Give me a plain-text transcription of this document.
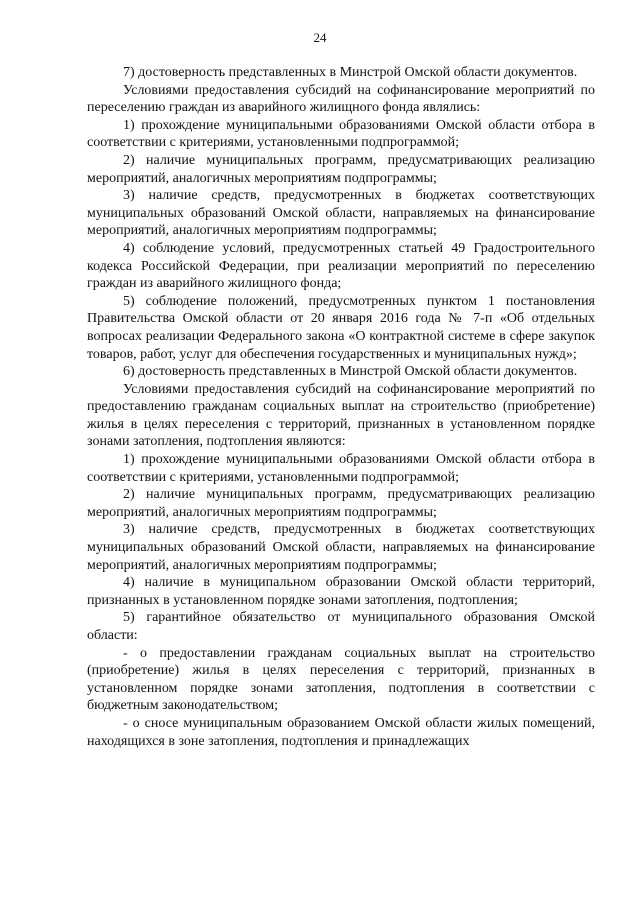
24

7) достоверность представленных в Минстрой Омской области документов.

Условиями предоставления субсидий на софинансирование мероприятий по переселению граждан из аварийного жилищного фонда являлись:

1) прохождение муниципальными образованиями Омской области отбора в соответствии с критериями, установленными подпрограммой;

2) наличие муниципальных программ, предусматривающих реализацию мероприятий, аналогичных мероприятиям подпрограммы;

3) наличие средств, предусмотренных в бюджетах соответствующих муниципальных образований Омской области, направляемых на финансирование мероприятий, аналогичных мероприятиям подпрограммы;

4) соблюдение условий, предусмотренных статьей 49 Градостроительного кодекса Российской Федерации, при реализации мероприятий по переселению граждан из аварийного жилищного фонда;

5) соблюдение положений, предусмотренных пунктом 1 постановления Правительства Омской области от 20 января 2016 года № 7-п «Об отдельных вопросах реализации Федерального закона «О контрактной системе в сфере закупок товаров, работ, услуг для обеспечения государственных и муниципальных нужд»;

6) достоверность представленных в Минстрой Омской области документов.

Условиями предоставления субсидий на софинансирование мероприятий по предоставлению гражданам социальных выплат на строительство (приобретение) жилья в целях переселения с территорий, признанных в установленном порядке зонами затопления, подтопления являются:

1) прохождение муниципальными образованиями Омской области отбора в соответствии с критериями, установленными подпрограммой;

2) наличие муниципальных программ, предусматривающих реализацию мероприятий, аналогичных мероприятиям подпрограммы;

3) наличие средств, предусмотренных в бюджетах соответствующих муниципальных образований Омской области, направляемых на финансирование мероприятий, аналогичных мероприятиям подпрограммы;

4) наличие в муниципальном образовании Омской области территорий, признанных в установленном порядке зонами затопления, подтопления;

5) гарантийное обязательство от муниципального образования Омской области:

- о предоставлении гражданам социальных выплат на строительство (приобретение) жилья в целях переселения с территорий, признанных в установленном порядке зонами затопления, подтопления в соответствии с бюджетным законодательством;

- о сносе муниципальным образованием Омской области жилых помещений, находящихся в зоне затопления, подтопления и принадлежащих
